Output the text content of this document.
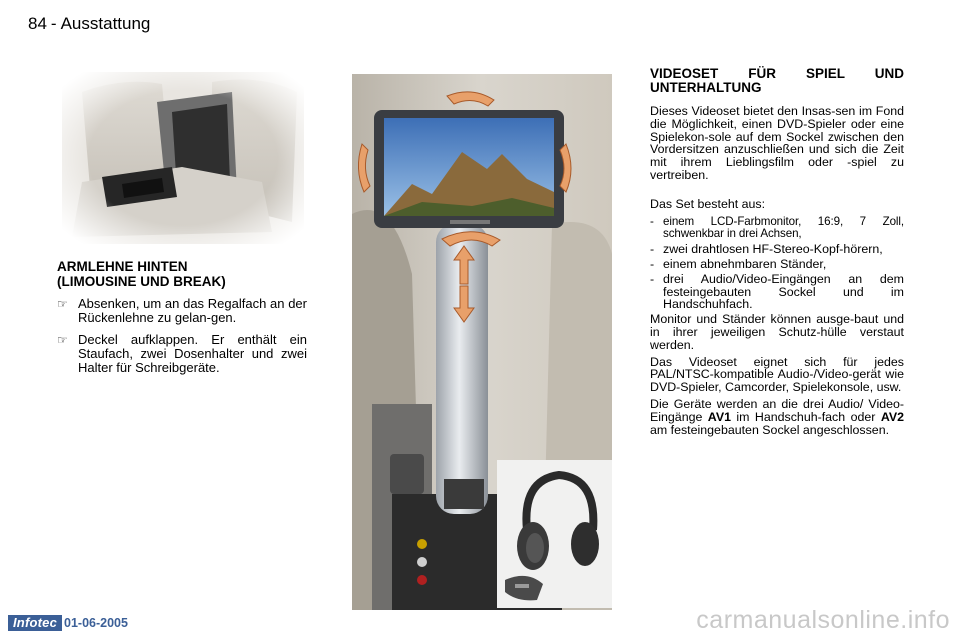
84 - Ausstattung

ARMLEHNE HINTEN
(LIMOUSINE UND BREAK)

☞ Absenken, um an das Regalfach an der Rückenlehne zu gelan-gen.
☞ Deckel aufklappen. Er enthält ein Staufach, zwei Dosenhalter und zwei Halter für Schreibgeräte.

VIDEOSET FÜR SPIEL UND UNTERHALTUNG

Dieses Videoset bietet den Insas-sen im Fond die Möglichkeit, einen DVD-Spieler oder eine Spielekon-sole auf dem Sockel zwischen den Vordersitzen anzuschließen und sich die Zeit mit ihrem Lieblingsfilm oder -spiel zu vertreiben.

Das Set besteht aus:

- einem LCD-Farbmonitor, 16:9, 7 Zoll, schwenkbar in drei Achsen,
- zwei drahtlosen HF-Stereo-Kopf-hörern,
- einem abnehmbaren Ständer,
- drei Audio/Video-Eingängen an dem festeingebauten Sockel und im Handschuhfach.

Monitor und Ständer können ausge-baut und in ihrer jeweiligen Schutz-hülle verstaut werden.

Das Videoset eignet sich für jedes PAL/NTSC-kompatible Audio-/Video-gerät wie DVD-Spieler, Camcorder, Spielekonsole, usw.

Die Geräte werden an die drei Audio/ Video-Eingänge AV1 im Handschuh-fach oder AV2 am festeingebauten Sockel angeschlossen.

Infotec 01-06-2005	carmanualsonline.info
